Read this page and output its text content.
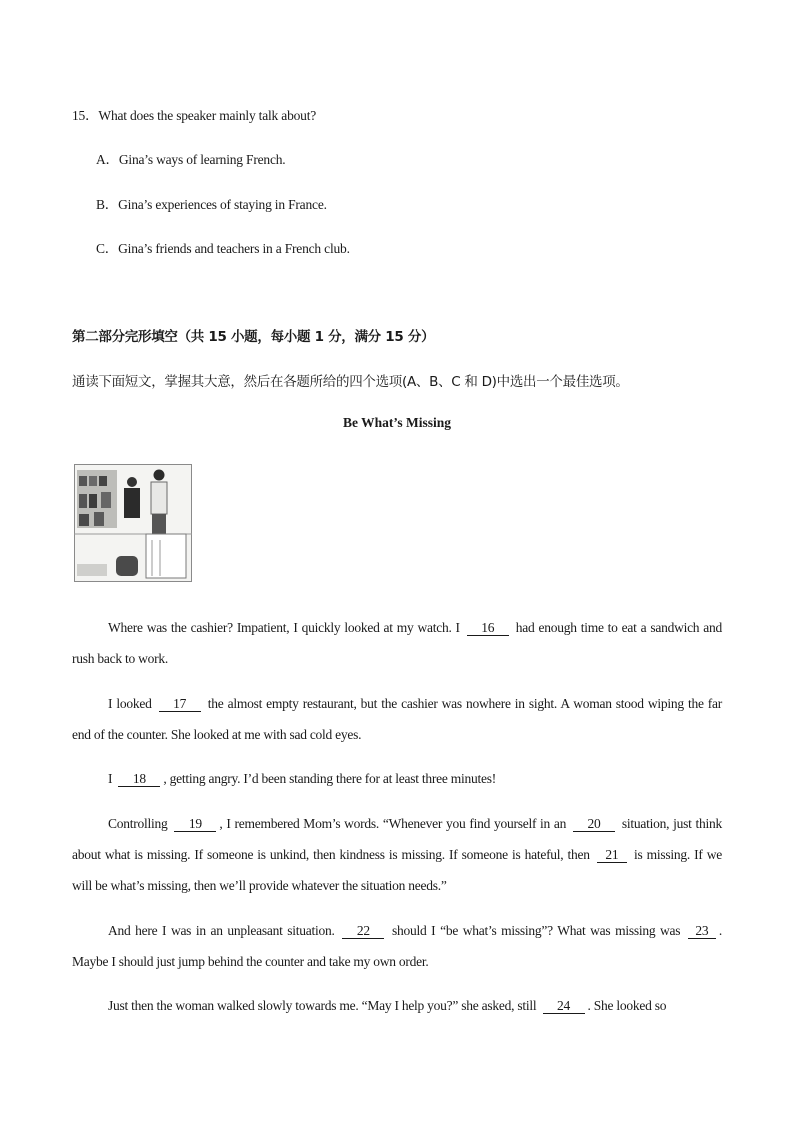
15．What does the speaker mainly talk about?
A．Gina’s ways of learning French.
B．Gina’s experiences of staying in France.
C．Gina’s friends and teachers in a French club.
第二部分完形填空（共 15 小题，每小题 1 分，满分 15 分）
通读下面短文，掌握其大意，然后在各题所给的四个选项(A、B、C 和 D)中选出一个最佳选项。
Be What’s Missing
Where was the cashier? Impatient, I quickly looked at my watch. I 16 had enough time to eat a sandwich and rush back to work.
I looked 17 the almost empty restaurant, but the cashier was nowhere in sight. A woman stood wiping the far end of the counter. She looked at me with sad cold eyes.
I 18 , getting angry. I’d been standing there for at least three minutes!
Controlling 19 , I remembered Mom’s words. “Whenever you find yourself in an 20 situation, just think about what is missing. If someone is unkind, then kindness is missing. If someone is hateful, then 21 is missing. If we will be what’s missing, then we’ll provide whatever the situation needs.”
And here I was in an unpleasant situation. 22 should I “be what’s missing”? What was missing was 23 . Maybe I should just jump behind the counter and take my own order.
Just then the woman walked slowly towards me. “May I help you?” she asked, still 24 . She looked so
